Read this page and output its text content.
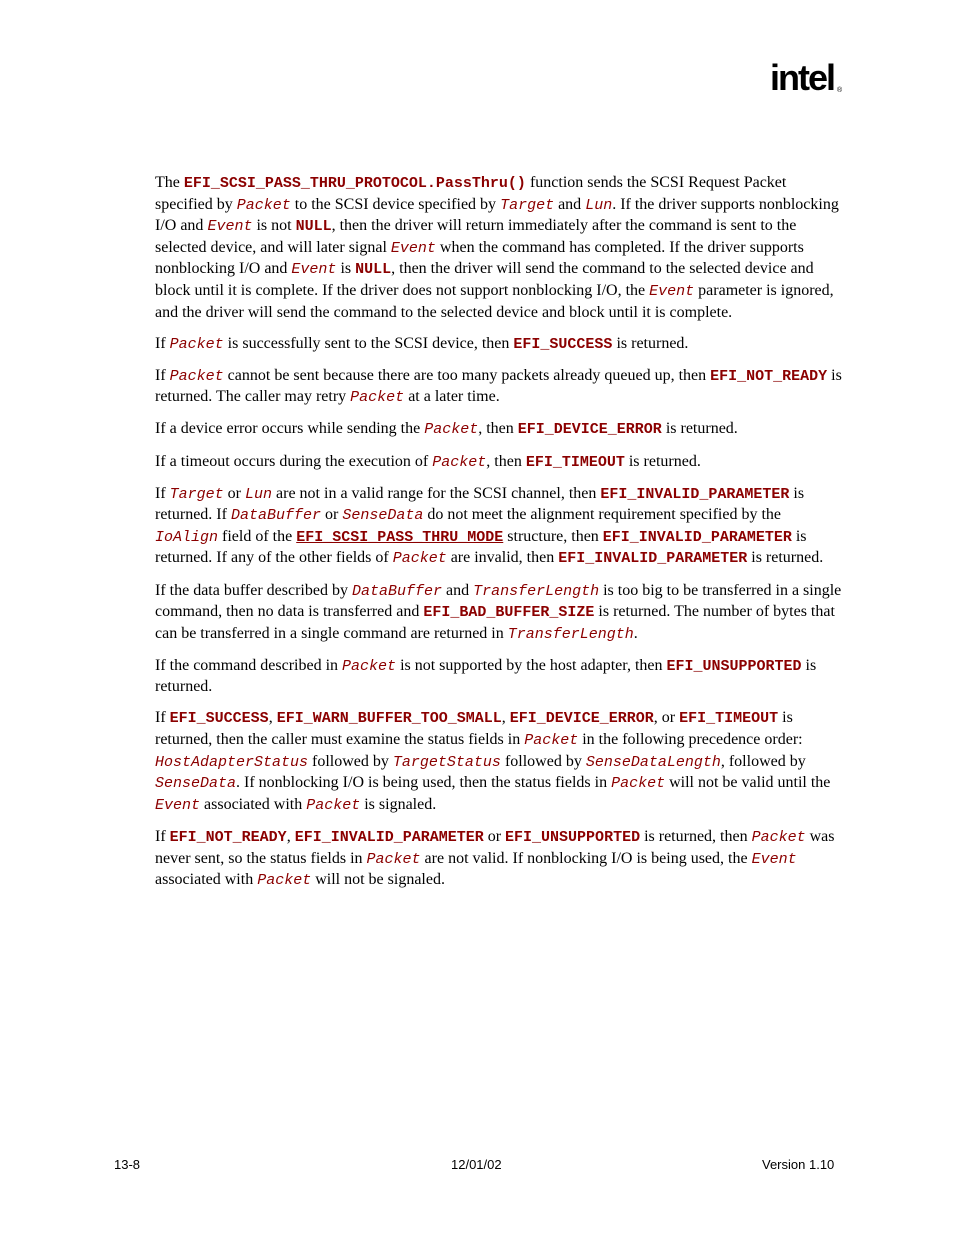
intel ®

The EFI_SCSI_PASS_THRU_PROTOCOL.PassThru() function sends the SCSI Request Packet specified by Packet to the SCSI device specified by Target and Lun. If the driver supports nonblocking I/O and Event is not NULL, then the driver will return immediately after the command is sent to the selected device, and will later signal Event when the command has completed. If the driver supports nonblocking I/O and Event is NULL, then the driver will send the command to the selected device and block until it is complete. If the driver does not support nonblocking I/O, the Event parameter is ignored, and the driver will send the command to the selected device and block until it is complete.

If Packet is successfully sent to the SCSI device, then EFI_SUCCESS is returned.

If Packet cannot be sent because there are too many packets already queued up, then EFI_NOT_READY is returned. The caller may retry Packet at a later time.

If a device error occurs while sending the Packet, then EFI_DEVICE_ERROR is returned.

If a timeout occurs during the execution of Packet, then EFI_TIMEOUT is returned.

If Target or Lun are not in a valid range for the SCSI channel, then EFI_INVALID_PARAMETER is returned. If DataBuffer or SenseData do not meet the alignment requirement specified by the IoAlign field of the EFI_SCSI_PASS_THRU_MODE structure, then EFI_INVALID_PARAMETER is returned. If any of the other fields of Packet are invalid, then EFI_INVALID_PARAMETER is returned.

If the data buffer described by DataBuffer and TransferLength is too big to be transferred in a single command, then no data is transferred and EFI_BAD_BUFFER_SIZE is returned. The number of bytes that can be transferred in a single command are returned in TransferLength.

If the command described in Packet is not supported by the host adapter, then EFI_UNSUPPORTED is returned.

If EFI_SUCCESS, EFI_WARN_BUFFER_TOO_SMALL, EFI_DEVICE_ERROR, or EFI_TIMEOUT is returned, then the caller must examine the status fields in Packet in the following precedence order: HostAdapterStatus followed by TargetStatus followed by SenseDataLength, followed by SenseData. If nonblocking I/O is being used, then the status fields in Packet will not be valid until the Event associated with Packet is signaled.

If EFI_NOT_READY, EFI_INVALID_PARAMETER or EFI_UNSUPPORTED is returned, then Packet was never sent, so the status fields in Packet are not valid. If nonblocking I/O is being used, the Event associated with Packet will not be signaled.

13-8	12/01/02	Version 1.10
